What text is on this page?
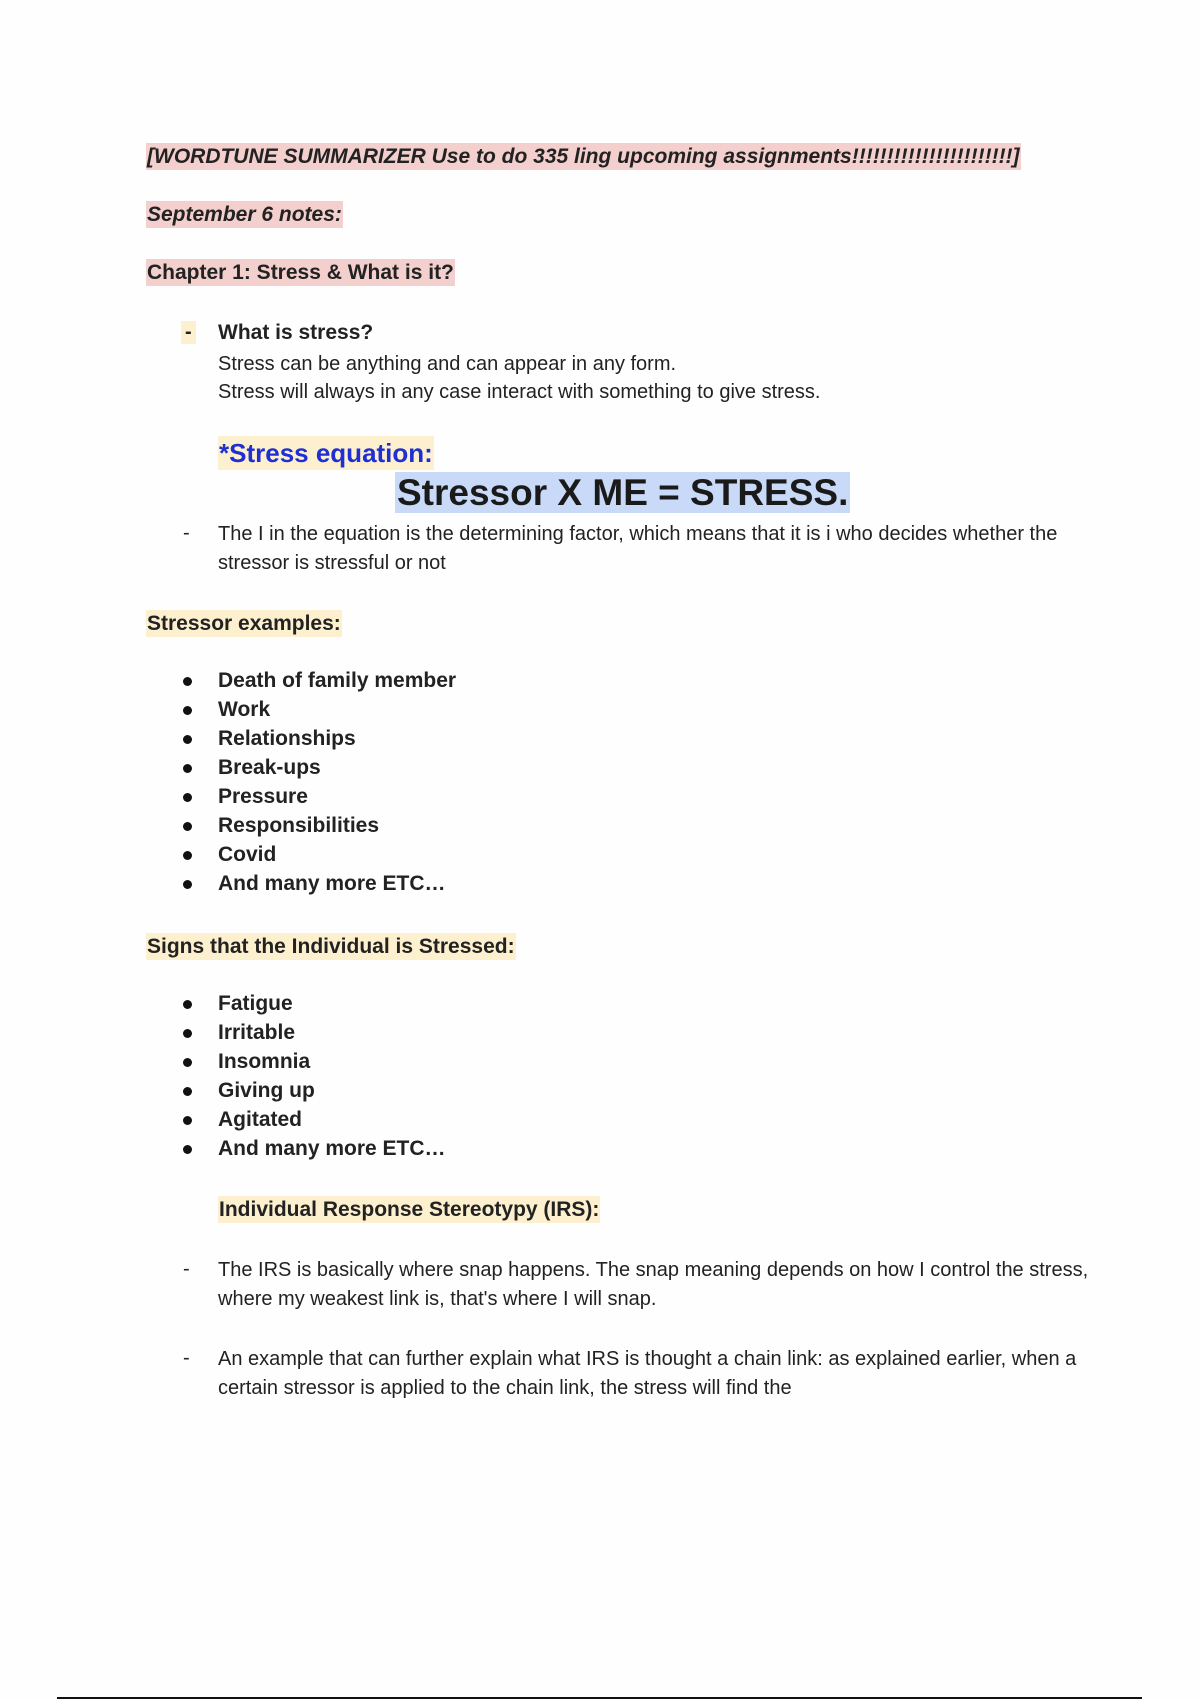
[WORDTUNE SUMMARIZER Use to do 335 ling upcoming assignments!!!!!!!!!!!!!!!!!!!!!!!]
September 6 notes:
Chapter 1: Stress & What is it?
- What is stress?
Stress can be anything and can appear in any form.
Stress will always in any case interact with something to give stress.
*Stress equation:
Stressor X ME = STRESS.
- The I in the equation is the determining factor, which means that it is i who decides whether the stressor is stressful or not
Stressor examples:
Death of family member
Work
Relationships
Break-ups
Pressure
Responsibilities
Covid
And many more ETC…
Signs that the Individual is Stressed:
Fatigue
Irritable
Insomnia
Giving up
Agitated
And many more ETC…
Individual Response Stereotypy (IRS):
- The IRS is basically where snap happens. The snap meaning depends on how I control the stress, where my weakest link is, that's where I will snap.
- An example that can further explain what IRS is thought a chain link: as explained earlier, when a certain stressor is applied to the chain link, the stress will find the
